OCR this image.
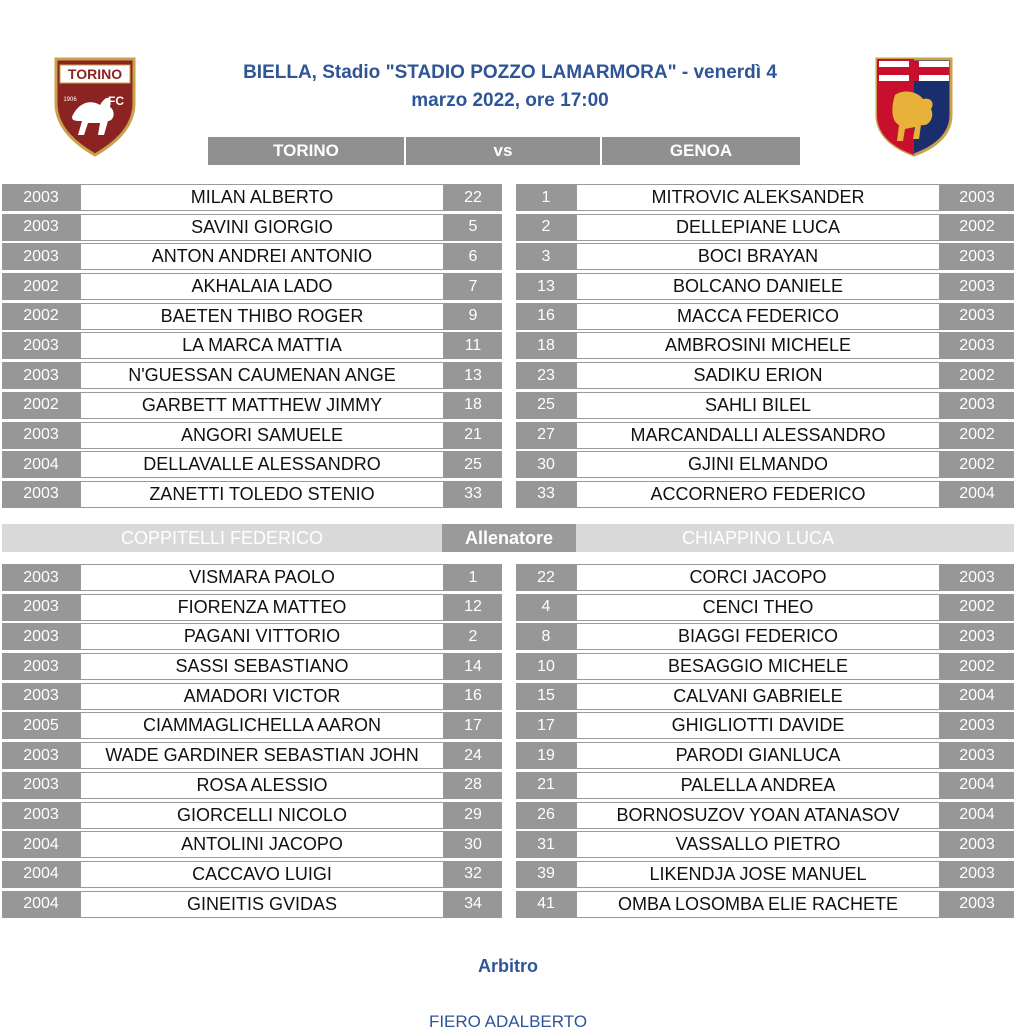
TORINO
FC
1906
BIELLA, Stadio "STADIO POZZO LAMARMORA" - venerdì 4
marzo 2022, ore 17:00
TORINO	vs	GENOA
2003	MILAN ALBERTO	22	1	MITROVIC ALEKSANDER	2003
2003	SAVINI GIORGIO	5	2	DELLEPIANE LUCA	2002
2003	ANTON ANDREI ANTONIO	6	3	BOCI BRAYAN	2003
2002	AKHALAIA LADO	7	13	BOLCANO DANIELE	2003
2002	BAETEN THIBO ROGER	9	16	MACCA FEDERICO	2003
2003	LA MARCA MATTIA	11	18	AMBROSINI MICHELE	2003
2003	N'GUESSAN CAUMENAN ANGE	13	23	SADIKU ERION	2002
2002	GARBETT MATTHEW JIMMY	18	25	SAHLI BILEL	2003
2003	ANGORI SAMUELE	21	27	MARCANDALLI ALESSANDRO	2002
2004	DELLAVALLE ALESSANDRO	25	30	GJINI ELMANDO	2002
2003	ZANETTI TOLEDO STENIO	33	33	ACCORNERO FEDERICO	2004
COPPITELLI FEDERICO	Allenatore	CHIAPPINO LUCA
2003	VISMARA PAOLO	1	22	CORCI JACOPO	2003
2003	FIORENZA MATTEO	12	4	CENCI THEO	2002
2003	PAGANI VITTORIO	2	8	BIAGGI FEDERICO	2003
2003	SASSI SEBASTIANO	14	10	BESAGGIO MICHELE	2002
2003	AMADORI VICTOR	16	15	CALVANI GABRIELE	2004
2005	CIAMMAGLICHELLA AARON	17	17	GHIGLIOTTI DAVIDE	2003
2003	WADE GARDINER SEBASTIAN JOHN	24	19	PARODI GIANLUCA	2003
2003	ROSA ALESSIO	28	21	PALELLA ANDREA	2004
2003	GIORCELLI NICOLO	29	26	BORNOSUZOV YOAN ATANASOV	2004
2004	ANTOLINI JACOPO	30	31	VASSALLO PIETRO	2003
2004	CACCAVO LUIGI	32	39	LIKENDJA JOSE MANUEL	2003
2004	GINEITIS GVIDAS	34	41	OMBA LOSOMBA ELIE RACHETE	2003
Arbitro
FIERO ADALBERTO
